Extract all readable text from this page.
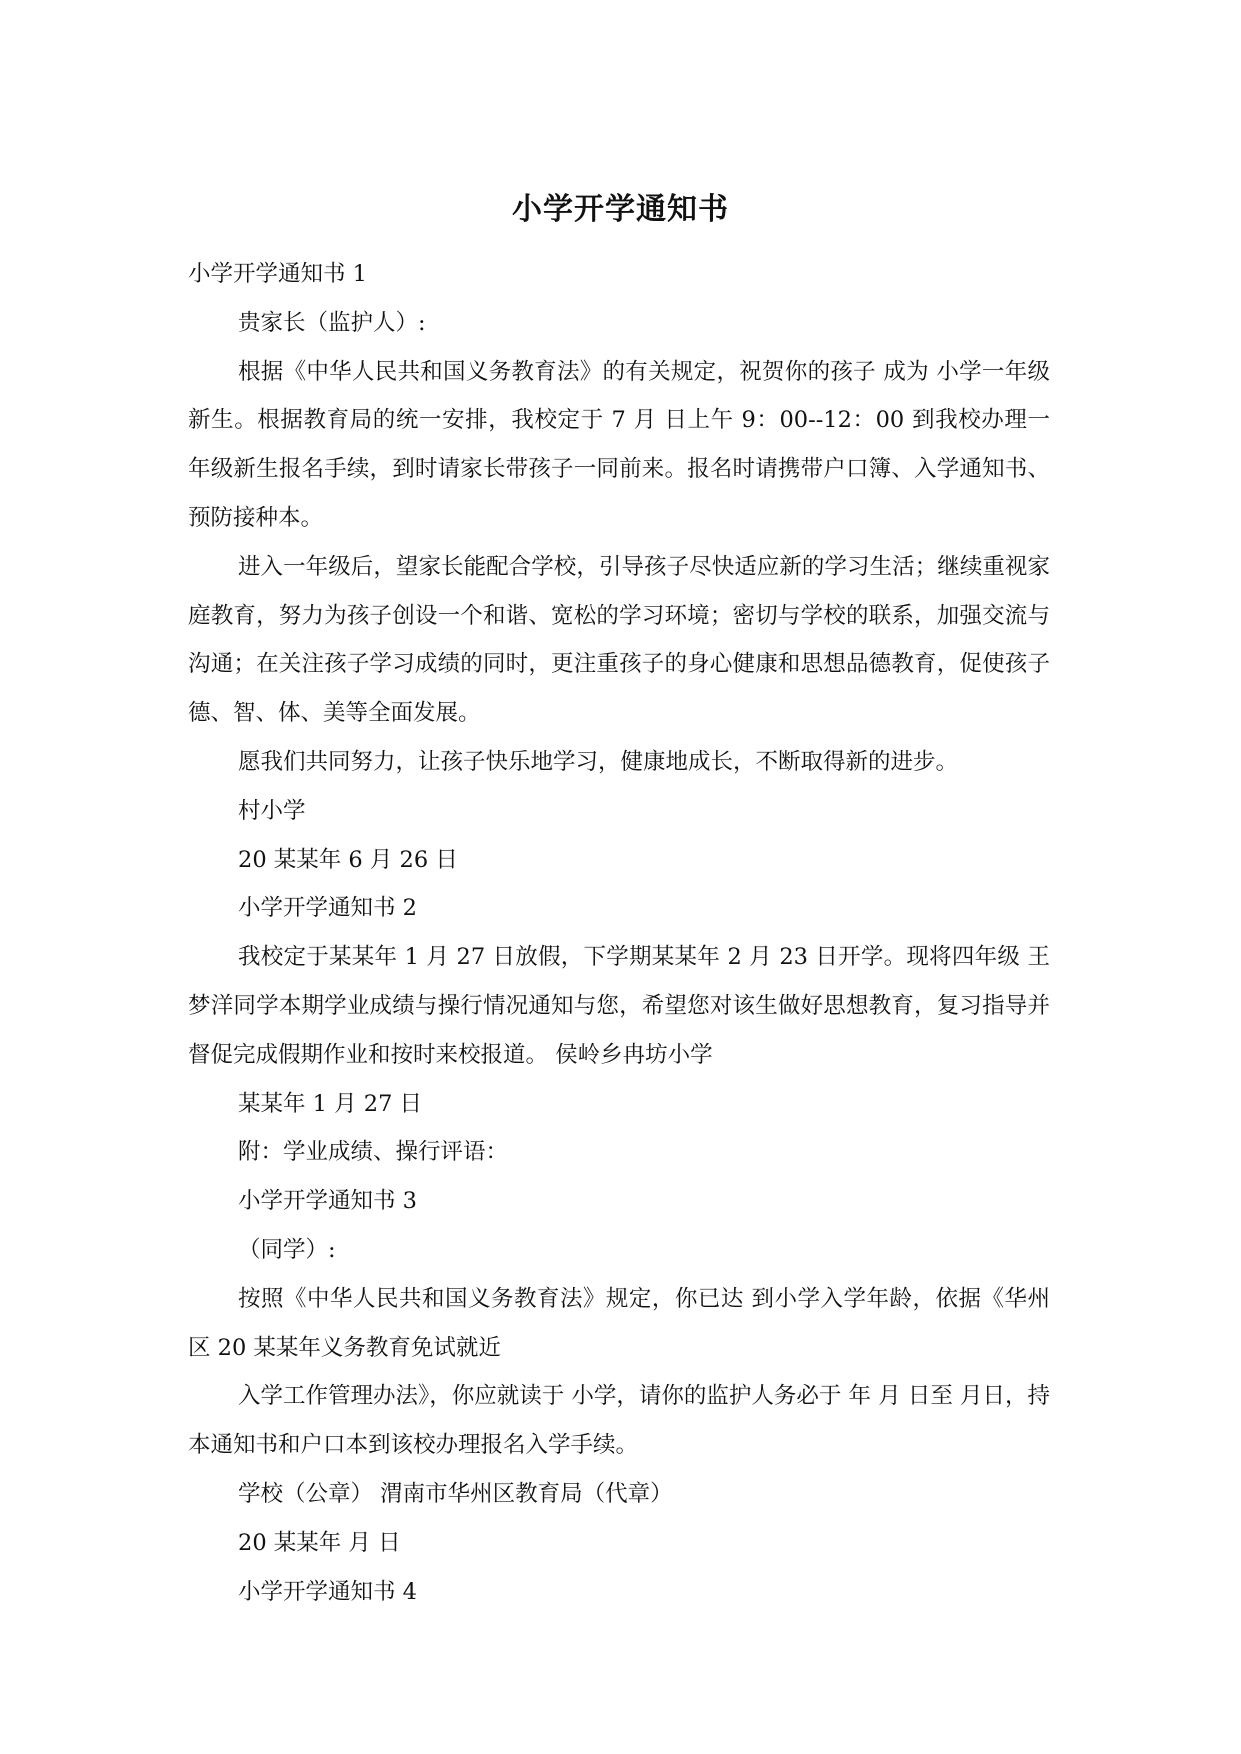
小学开学通知书

小学开学通知书 1

贵家长（监护人）:

根据《中华人民共和国义务教育法》的有关规定，祝贺你的孩子 成为 小学一年级新生。根据教育局的统一安排，我校定于 7 月 日上午 9：00--12：00 到我校办理一年级新生报名手续，到时请家长带孩子一同前来。报名时请携带户口簿、入学通知书、预防接种本。

进入一年级后，望家长能配合学校，引导孩子尽快适应新的学习生活；继续重视家庭教育，努力为孩子创设一个和谐、宽松的学习环境；密切与学校的联系，加强交流与沟通；在关注孩子学习成绩的同时，更注重孩子的身心健康和思想品德教育，促使孩子德、智、体、美等全面发展。

愿我们共同努力，让孩子快乐地学习，健康地成长，不断取得新的进步。

村小学

20 某某年 6 月 26 日

小学开学通知书 2

我校定于某某年 1 月 27 日放假，下学期某某年 2 月 23 日开学。现将四年级 王梦洋同学本期学业成绩与操行情况通知与您，希望您对该生做好思想教育，复习指导并督促完成假期作业和按时来校报道。 侯岭乡冉坊小学

某某年 1 月 27 日

附：学业成绩、操行评语：

小学开学通知书 3

（同学）:

按照《中华人民共和国义务教育法》规定，你已达 到小学入学年龄，依据《华州区 20 某某年义务教育免试就近

入学工作管理办法》，你应就读于 小学，请你的监护人务必于 年 月 日至 月日，持本通知书和户口本到该校办理报名入学手续。

学校（公章） 渭南市华州区教育局（代章）

20 某某年 月 日

小学开学通知书 4
